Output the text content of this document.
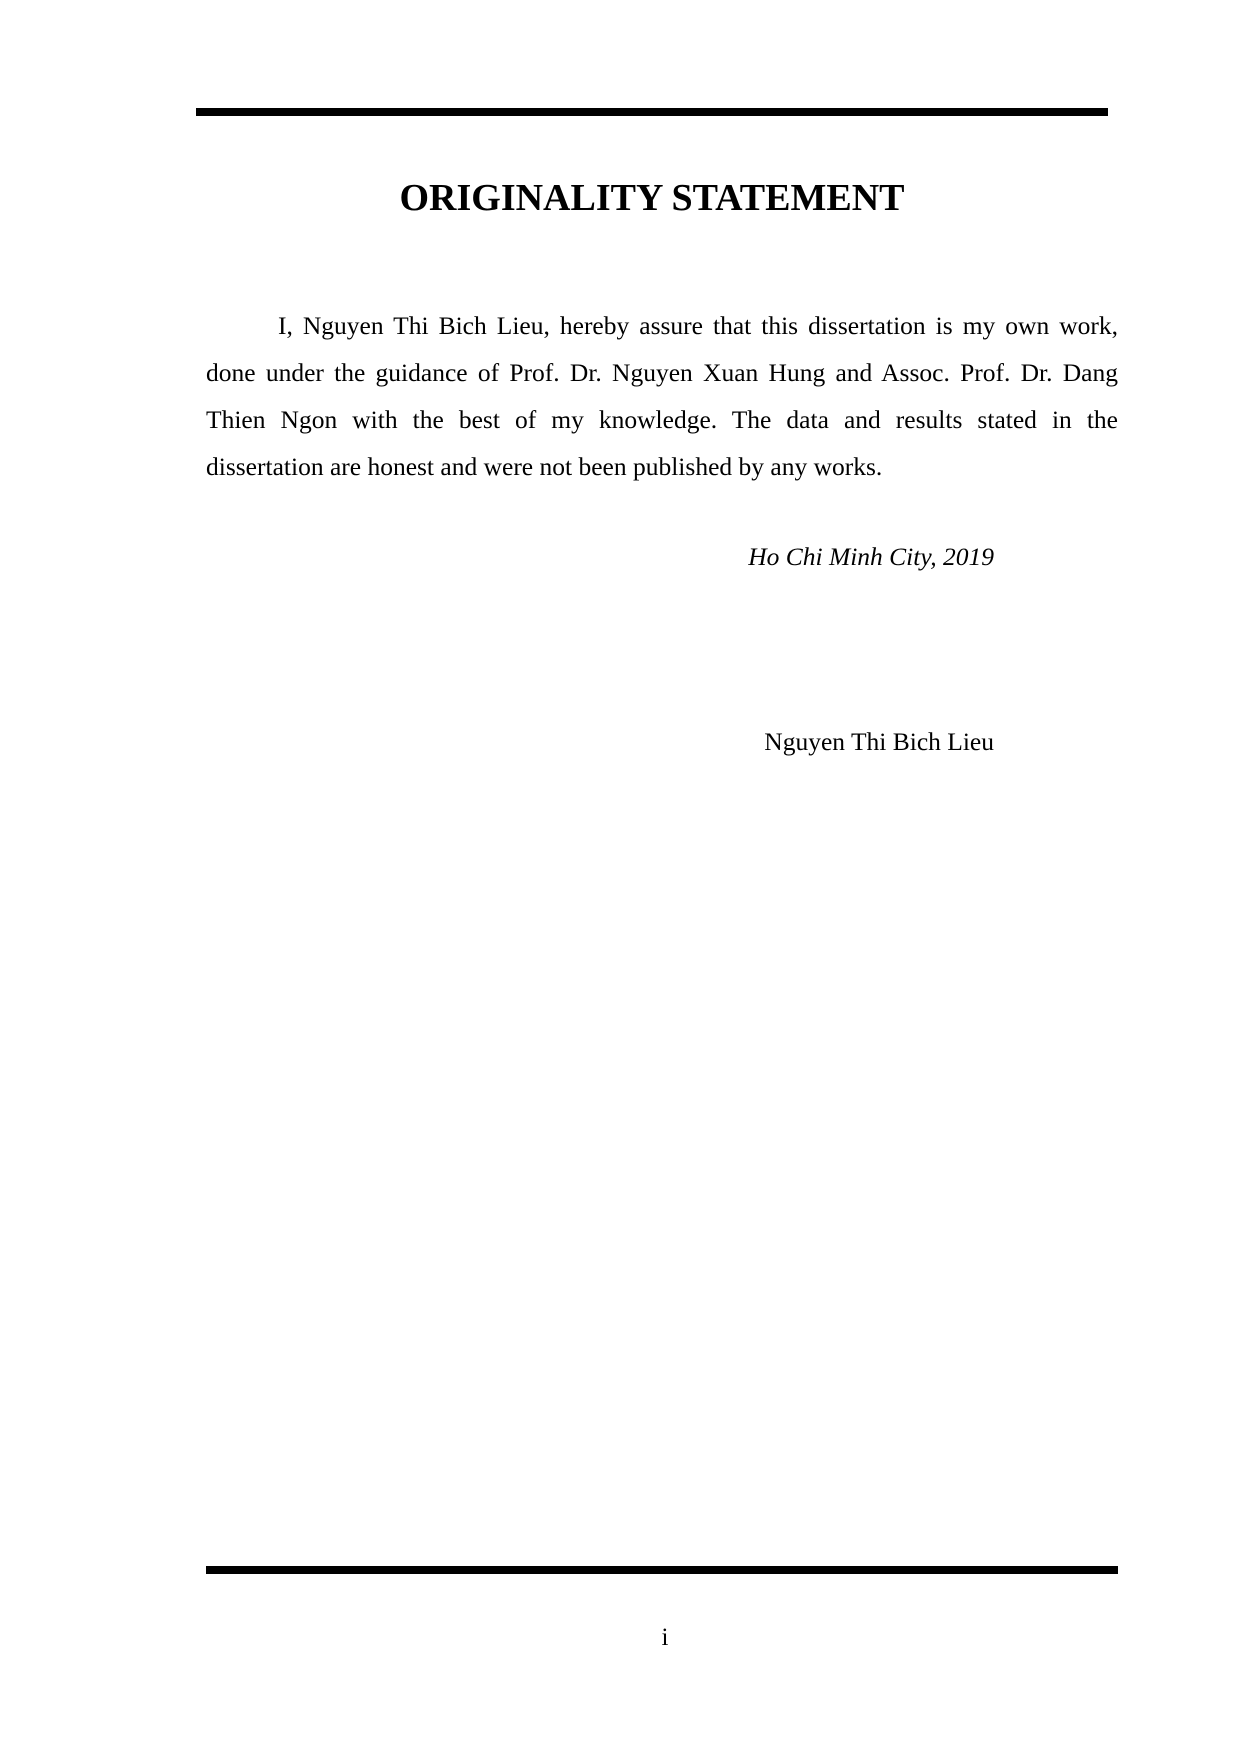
ORIGINALITY STATEMENT

I, Nguyen Thi Bich Lieu, hereby assure that this dissertation is my own work, done under the guidance of Prof. Dr. Nguyen Xuan Hung and Assoc. Prof. Dr. Dang Thien Ngon with the best of my knowledge. The data and results stated in the dissertation are honest and were not been published by any works.

Ho Chi Minh City, 2019

Nguyen Thi Bich Lieu

i
